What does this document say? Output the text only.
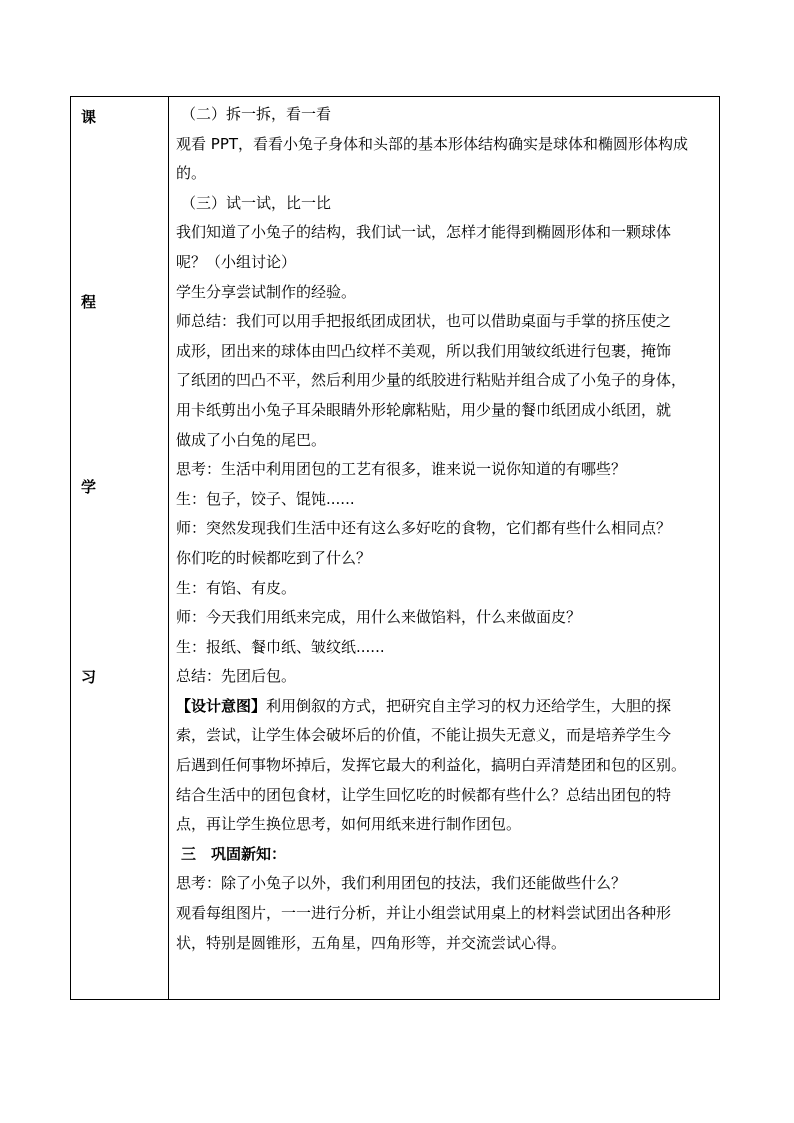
课
程
学
习
（二）拆一拆，看一看
观看 PPT，看看小兔子身体和头部的基本形体结构确实是球体和椭圆形体构成
的。
（三）试一试，比一比
我们知道了小兔子的结构，我们试一试，怎样才能得到椭圆形体和一颗球体
呢？（小组讨论）
学生分享尝试制作的经验。
师总结：我们可以用手把报纸团成团状，也可以借助桌面与手掌的挤压使之
成形，团出来的球体由凹凸纹样不美观，所以我们用皱纹纸进行包裹，掩饰
了纸团的凹凸不平，然后利用少量的纸胶进行粘贴并组合成了小兔子的身体，
用卡纸剪出小兔子耳朵眼睛外形轮廓粘贴，用少量的餐巾纸团成小纸团，就
做成了小白兔的尾巴。
思考：生活中利用团包的工艺有很多，谁来说一说你知道的有哪些？
生：包子，饺子、馄饨......
师：突然发现我们生活中还有这么多好吃的食物，它们都有些什么相同点？
你们吃的时候都吃到了什么？
生：有馅、有皮。
师：今天我们用纸来完成，用什么来做馅料，什么来做面皮？
生：报纸、餐巾纸、皱纹纸......
总结：先团后包。
【设计意图】利用倒叙的方式，把研究自主学习的权力还给学生，大胆的探
索，尝试，让学生体会破坏后的价值，不能让损失无意义，而是培养学生今
后遇到任何事物坏掉后，发挥它最大的利益化，搞明白弄清楚团和包的区别。
结合生活中的团包食材，让学生回忆吃的时候都有些什么？总结出团包的特
点，再让学生换位思考，如何用纸来进行制作团包。
三　巩固新知：
思考：除了小兔子以外，我们利用团包的技法，我们还能做些什么？
观看每组图片，一一进行分析，并让小组尝试用桌上的材料尝试团出各种形
状，特别是圆锥形，五角星，四角形等，并交流尝试心得。
